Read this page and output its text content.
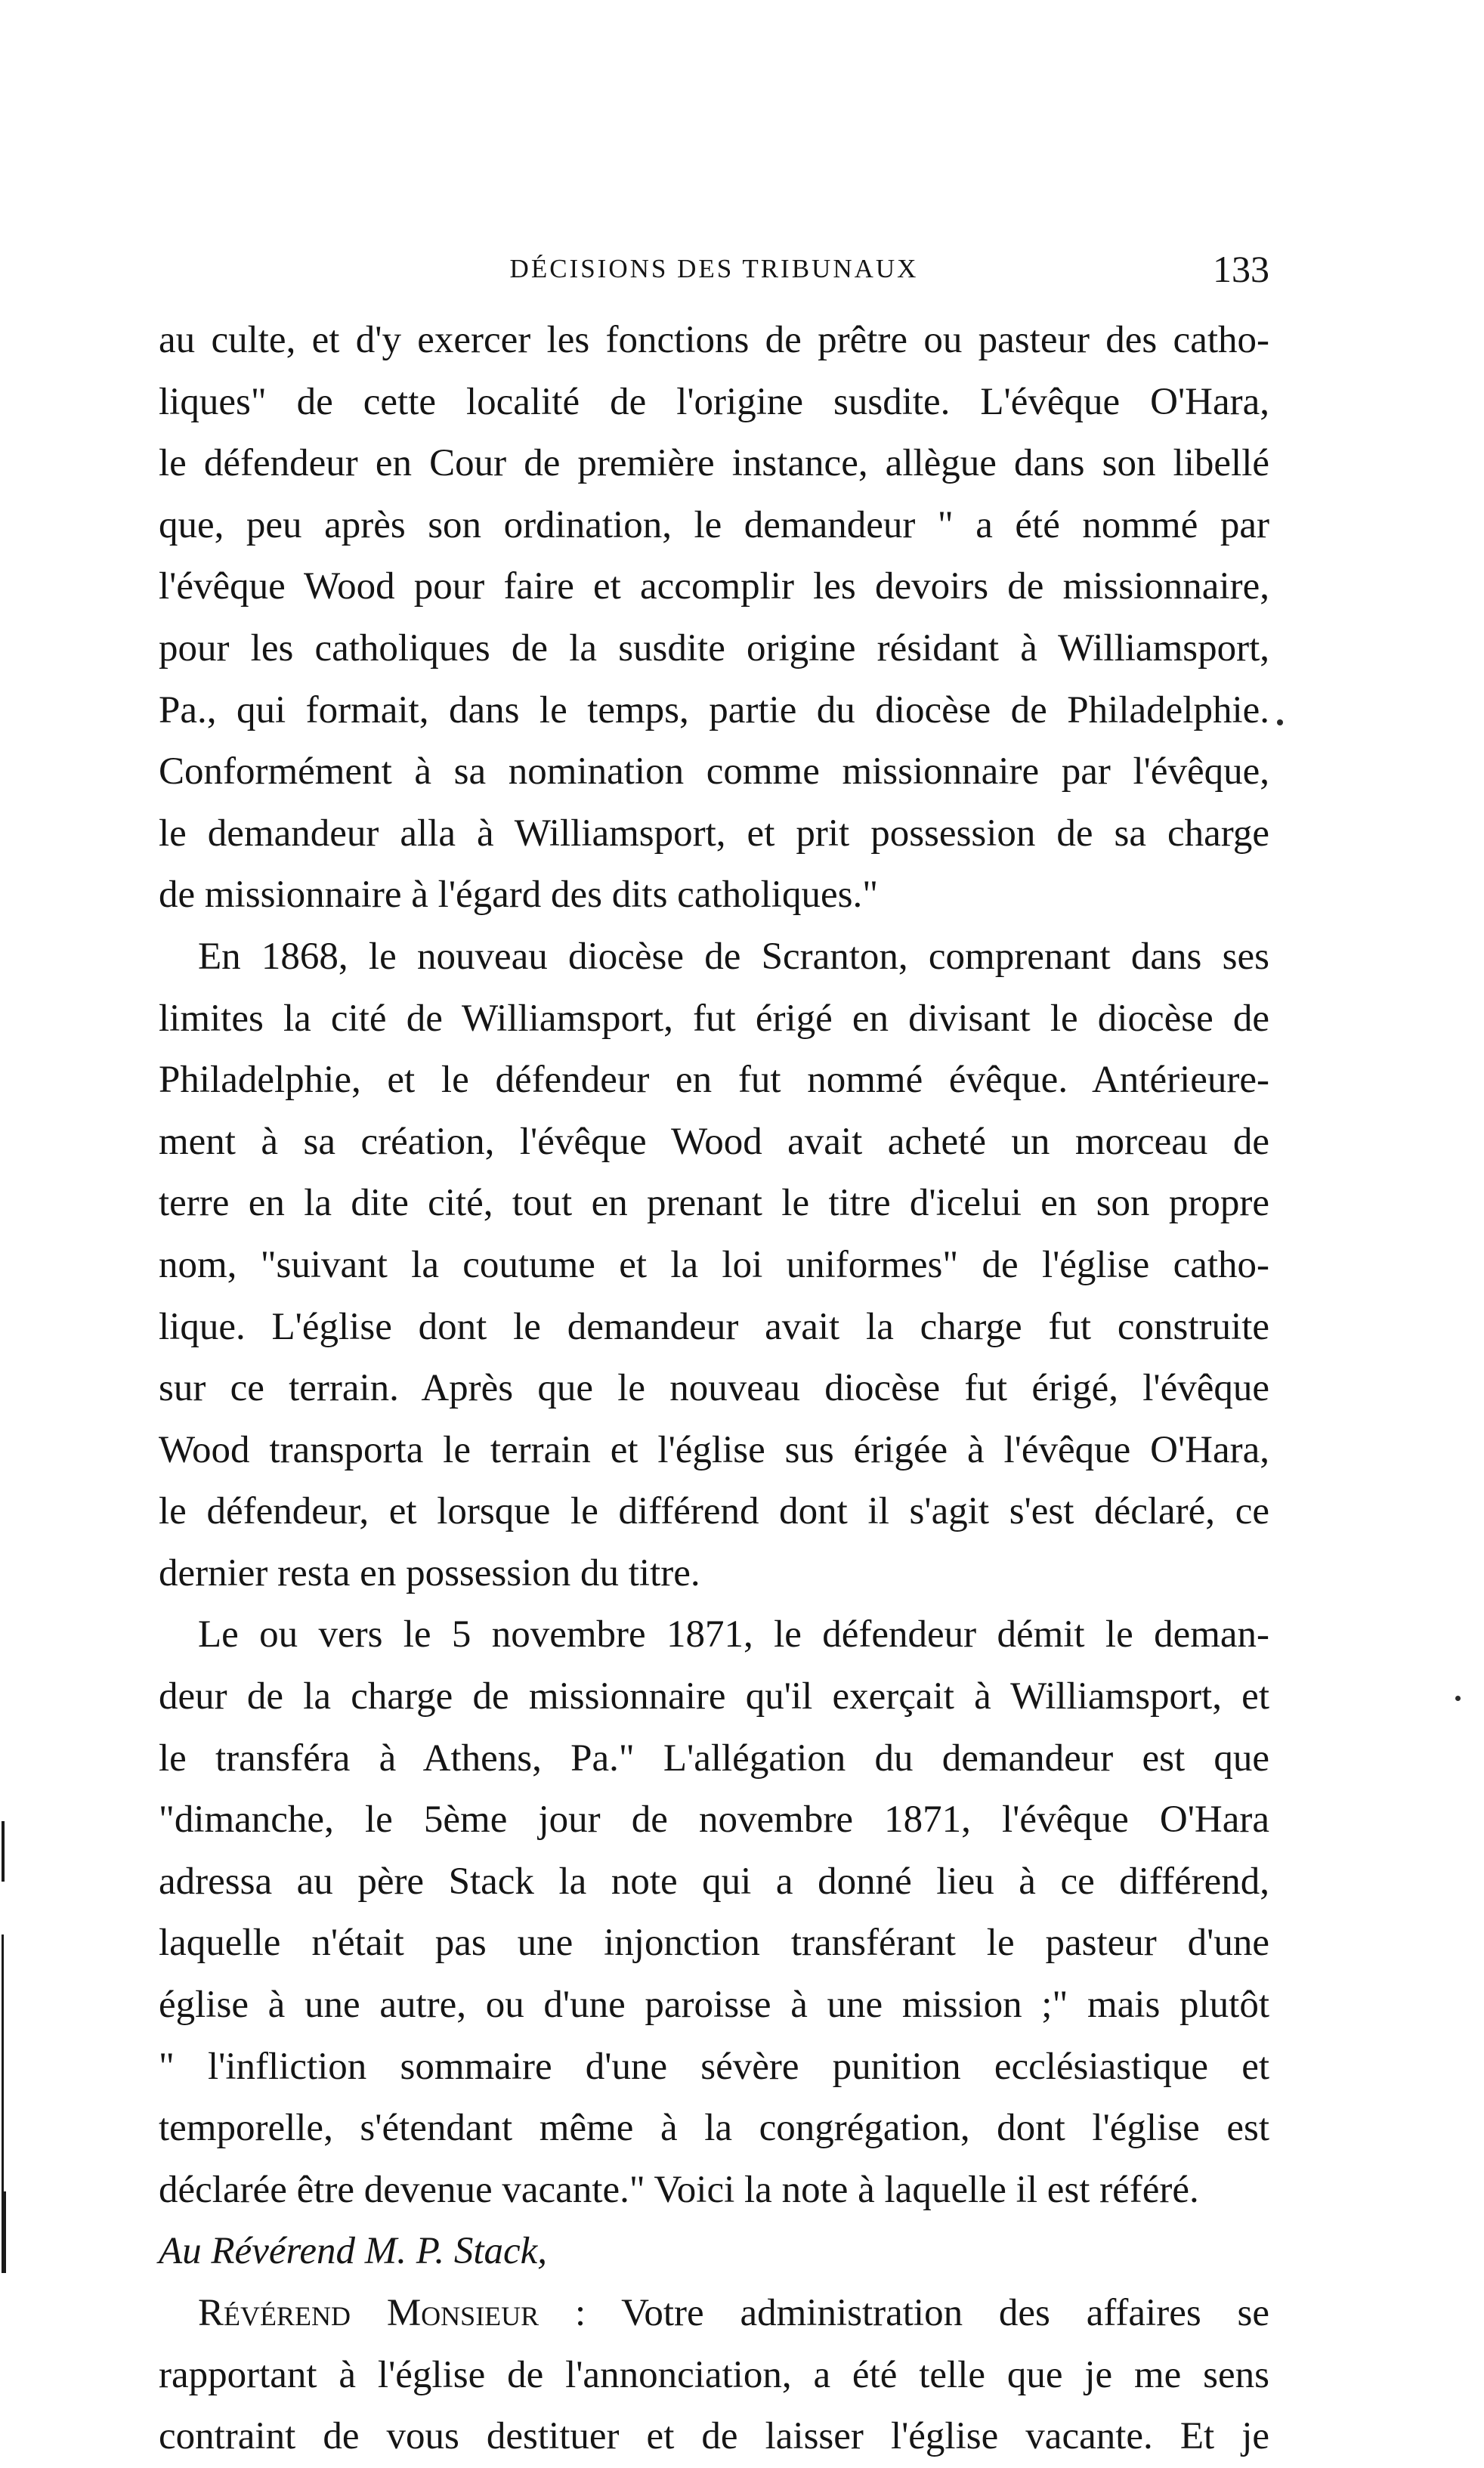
DÉCISIONS DES TRIBUNAUX	133

au culte, et d'y exercer les fonctions de prêtre ou pasteur des catho-
liques" de cette localité de l'origine susdite. L'évêque O'Hara,
le défendeur en Cour de première instance, allègue dans son libellé
que, peu après son ordination, le demandeur " a été nommé par
l'évêque Wood pour faire et accomplir les devoirs de missionnaire,
pour les catholiques de la susdite origine résidant à Williamsport,
Pa., qui formait, dans le temps, partie du diocèse de Philadelphie.
Conformément à sa nomination comme missionnaire par l'évêque,
le demandeur alla à Williamsport, et prit possession de sa charge
de missionnaire à l'égard des dits catholiques."

En 1868, le nouveau diocèse de Scranton, comprenant dans ses
limites la cité de Williamsport, fut érigé en divisant le diocèse de
Philadelphie, et le défendeur en fut nommé évêque. Antérieure-
ment à sa création, l'évêque Wood avait acheté un morceau de
terre en la dite cité, tout en prenant le titre d'icelui en son propre
nom, "suivant la coutume et la loi uniformes" de l'église catho-
lique. L'église dont le demandeur avait la charge fut construite
sur ce terrain. Après que le nouveau diocèse fut érigé, l'évêque
Wood transporta le terrain et l'église sus érigée à l'évêque O'Hara,
le défendeur, et lorsque le différend dont il s'agit s'est déclaré, ce
dernier resta en possession du titre.

Le ou vers le 5 novembre 1871, le défendeur démit le deman-
deur de la charge de missionnaire qu'il exerçait à Williamsport, et
le transféra à Athens, Pa." L'allégation du demandeur est que
"dimanche, le 5ème jour de novembre 1871, l'évêque O'Hara
adressa au père Stack la note qui a donné lieu à ce différend,
laquelle n'était pas une injonction transférant le pasteur d'une
église à une autre, ou d'une paroisse à une mission ;" mais plutôt
" l'infliction sommaire d'une sévère punition ecclésiastique et
temporelle, s'étendant même à la congrégation, dont l'église est
déclarée être devenue vacante." Voici la note à laquelle il est référé.

Au Révérend M. P. Stack,

Révérend Monsieur : Votre administration des affaires se
rapportant à l'église de l'annonciation, a été telle que je me sens
contraint de vous destituer et de laisser l'église vacante. Et je
